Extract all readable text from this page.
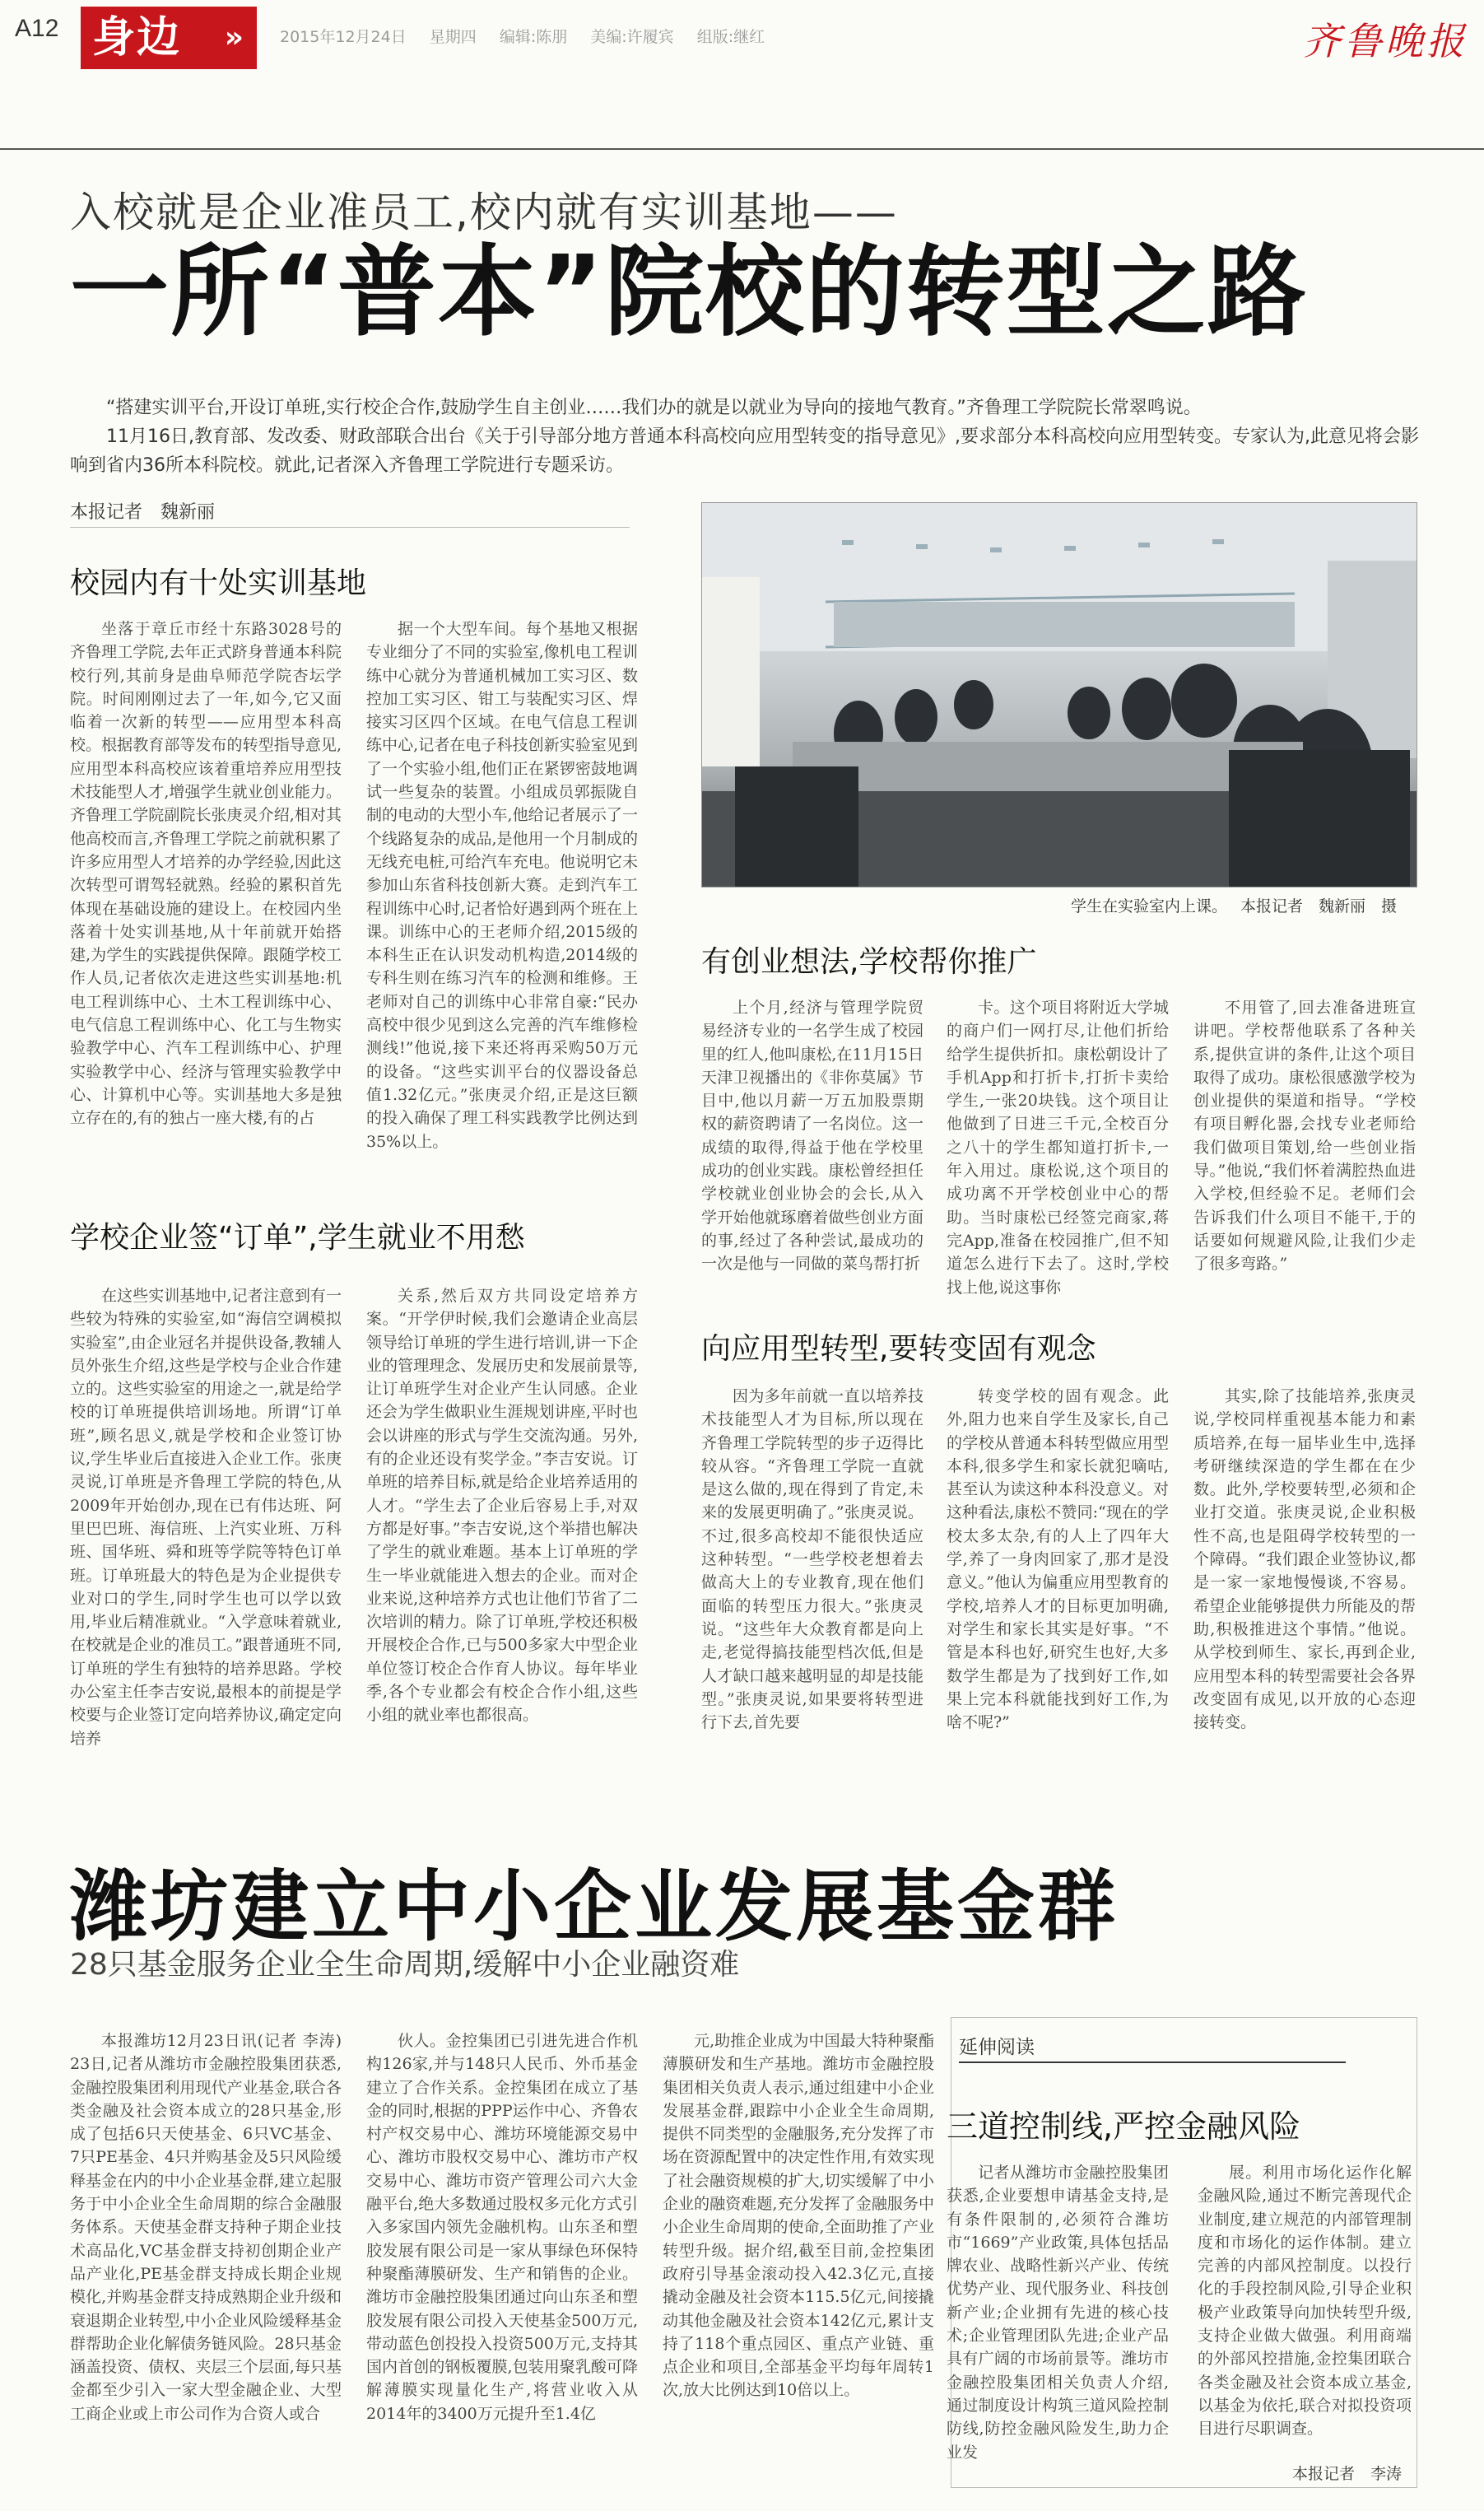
A12 身边 » 2015年12月24日 星期四 编辑:陈朋 美编:许履宾 组版:继红	齐鲁晚报
入校就是企业准员工,校内就有实训基地——
一所“普本”院校的转型之路

“搭建实训平台,开设订单班,实行校企合作,鼓励学生自主创业……我们办的就是以就业为导向的接地气教育。”齐鲁理工学院院长常翠鸣说。

11月16日,教育部、发改委、财政部联合出台《关于引导部分地方普通本科高校向应用型转变的指导意见》,要求部分本科高校向应用型转变。专家认为,此意见将会影响到省内36所本科院校。就此,记者深入齐鲁理工学院进行专题采访。

本报记者　魏新丽
校园内有十处实训基地
坐落于章丘市经十东路3028号的齐鲁理工学院,去年正式跻身普通本科院校行列,其前身是曲阜师范学院杏坛学院。时间刚刚过去了一年,如今,它又面临着一次新的转型——应用型本科高校。根据教育部等发布的转型指导意见,应用型本科高校应该着重培养应用型技术技能型人才,增强学生就业创业能力。齐鲁理工学院副院长张庚灵介绍,相对其他高校而言,齐鲁理工学院之前就积累了许多应用型人才培养的办学经验,因此这次转型可谓驾轻就熟。经验的累积首先体现在基础设施的建设上。在校园内坐落着十处实训基地,从十年前就开始搭建,为学生的实践提供保障。跟随学校工作人员,记者依次走进这些实训基地:机电工程训练中心、土木工程训练中心、电气信息工程训练中心、化工与生物实验教学中心、汽车工程训练中心、护理实验教学中心、经济与管理实验教学中心、计算机中心等。实训基地大多是独立存在的,有的独占一座大楼,有的占
据一个大型车间。每个基地又根据专业细分了不同的实验室,像机电工程训练中心就分为普通机械加工实习区、数控加工实习区、钳工与装配实习区、焊接实习区四个区域。在电气信息工程训练中心,记者在电子科技创新实验室见到了一个实验小组,他们正在紧锣密鼓地调试一些复杂的装置。小组成员郭振陇自制的电动的大型小车,他给记者展示了一个线路复杂的成品,是他用一个月制成的无线充电桩,可给汽车充电。他说明它未参加山东省科技创新大赛。走到汽车工程训练中心时,记者恰好遇到两个班在上课。训练中心的王老师介绍,2015级的本科生正在认识发动机构造,2014级的专科生则在练习汽车的检测和维修。王老师对自己的训练中心非常自豪:“民办高校中很少见到这么完善的汽车维修检测线!”他说,接下来还将再采购50万元的设备。“这些实训平台的仪器设备总值1.32亿元。”张庚灵介绍,正是这巨额的投入确保了理工科实践教学比例达到35%以上。
学校企业签“订单”,学生就业不用愁
在这些实训基地中,记者注意到有一些较为特殊的实验室,如“海信空调模拟实验室”,由企业冠名并提供设备,教辅人员外张生介绍,这些是学校与企业合作建立的。这些实验室的用途之一,就是给学校的订单班提供培训场地。所谓“订单班”,顾名思义,就是学校和企业签订协议,学生毕业后直接进入企业工作。张庚灵说,订单班是齐鲁理工学院的特色,从2009年开始创办,现在已有伟达班、阿里巴巴班、海信班、上汽实业班、万科班、国华班、舜和班等学院等特色订单班。订单班最大的特色是为企业提供专业对口的学生,同时学生也可以学以致用,毕业后精准就业。“入学意味着就业,在校就是企业的准员工。”跟普通班不同,订单班的学生有独特的培养思路。学校办公室主任李吉安说,最根本的前提是学校要与企业签订定向培养协议,确定定向培养
关系,然后双方共同设定培养方案。“开学伊时候,我们会邀请企业高层领导给订单班的学生进行培训,讲一下企业的管理理念、发展历史和发展前景等,让订单班学生对企业产生认同感。企业还会为学生做职业生涯规划讲座,平时也会以讲座的形式与学生交流沟通。另外,有的企业还设有奖学金。”李吉安说。订单班的培养目标,就是给企业培养适用的人才。“学生去了企业后容易上手,对双方都是好事。”李吉安说,这个举措也解决了学生的就业难题。基本上订单班的学生一毕业就能进入想去的企业。而对企业来说,这种培养方式也让他们节省了二次培训的精力。除了订单班,学校还积极开展校企合作,已与500多家大中型企业单位签订校企合作育人协议。每年毕业季,各个专业都会有校企合作小组,这些小组的就业率也都很高。
学生在实验室内上课。 本报记者　魏新丽　摄
有创业想法,学校帮你推广
上个月,经济与管理学院贸易经济专业的一名学生成了校园里的红人,他叫康松,在11月15日天津卫视播出的《非你莫属》节目中,他以月薪一万五加股票期权的薪资聘请了一名岗位。这一成绩的取得,得益于他在学校里成功的创业实践。康松曾经担任学校就业创业协会的会长,从入学开始他就琢磨着做些创业方面的事,经过了各种尝试,最成功的一次是他与一同做的菜鸟帮打折
卡。这个项目将附近大学城的商户们一网打尽,让他们折给给学生提供折扣。康松朝设计了手机App和打折卡,打折卡卖给学生,一张20块钱。这个项目让他做到了日进三千元,全校百分之八十的学生都知道打折卡,一年入用过。康松说,这个项目的成功离不开学校创业中心的帮助。当时康松已经签完商家,蒋完App,准备在校园推广,但不知道怎么进行下去了。这时,学校找上他,说这事你
不用管了,回去准备进班宣讲吧。学校帮他联系了各种关系,提供宣讲的条件,让这个项目取得了成功。康松很感激学校为创业提供的渠道和指导。“学校有项目孵化器,会找专业老师给我们做项目策划,给一些创业指导。”他说,“我们怀着满腔热血进入学校,但经验不足。老师们会告诉我们什么项目不能干,于的话要如何规避风险,让我们少走了很多弯路。”
向应用型转型,要转变固有观念
因为多年前就一直以培养技术技能型人才为目标,所以现在齐鲁理工学院转型的步子迈得比较从容。“齐鲁理工学院一直就是这么做的,现在得到了肯定,未来的发展更明确了。”张庚灵说。不过,很多高校却不能很快适应这种转型。“一些学校老想着去做高大上的专业教育,现在他们面临的转型压力很大。”张庚灵说。“这些年大众教育都是向上走,老觉得搞技能型档次低,但是人才缺口越来越明显的却是技能型。”张庚灵说,如果要将转型进行下去,首先要
转变学校的固有观念。此外,阻力也来自学生及家长,自己的学校从普通本科转型做应用型本科,很多学生和家长就犯嘀咕,甚至认为读这种本科没意义。对这种看法,康松不赞同:“现在的学校太多太杂,有的人上了四年大学,养了一身肉回家了,那才是没意义。”他认为偏重应用型教育的学校,培养人才的目标更加明确,对学生和家长其实是好事。“不管是本科也好,研究生也好,大多数学生都是为了找到好工作,如果上完本科就能找到好工作,为啥不呢?”
其实,除了技能培养,张庚灵说,学校同样重视基本能力和素质培养,在每一届毕业生中,选择考研继续深造的学生都在在少数。此外,学校要转型,必须和企业打交道。张庚灵说,企业积极性不高,也是阻碍学校转型的一个障碍。“我们跟企业签协议,都是一家一家地慢慢谈,不容易。希望企业能够提供力所能及的帮助,积极推进这个事情。”他说。从学校到师生、家长,再到企业,应用型本科的转型需要社会各界改变固有成见,以开放的心态迎接转变。
潍坊建立中小企业发展基金群
28只基金服务企业全生命周期,缓解中小企业融资难
本报潍坊12月23日讯(记者 李涛) 23日,记者从潍坊市金融控股集团获悉,金融控股集团利用现代产业基金,联合各类金融及社会资本成立的28只基金,形成了包括6只天使基金、6只VC基金、7只PE基金、4只并购基金及5只风险缓释基金在内的中小企业基金群,建立起服务于中小企业全生命周期的综合金融服务体系。天使基金群支持种子期企业技术高品化,VC基金群支持初创期企业产品产业化,PE基金群支持成长期企业规模化,并购基金群支持成熟期企业升级和衰退期企业转型,中小企业风险缓释基金群帮助企业化解债务链风险。28只基金涵盖投资、债权、夹层三个层面,每只基金都至少引入一家大型金融企业、大型工商企业或上市公司作为合资人或合
伙人。金控集团已引进先进合作机构126家,并与148只人民币、外币基金建立了合作关系。金控集团在成立了基金的同时,根据的PPP运作中心、齐鲁农村产权交易中心、潍坊环境能源交易中心、潍坊市股权交易中心、潍坊市产权交易中心、潍坊市资产管理公司六大金融平台,绝大多数通过股权多元化方式引入多家国内领先金融机构。山东圣和塑胶发展有限公司是一家从事绿色环保特种聚酯薄膜研发、生产和销售的企业。潍坊市金融控股集团通过向山东圣和塑胶发展有限公司投入天使基金500万元,带动蓝色创投投入投资500万元,支持其国内首创的钢板覆膜,包装用聚乳酸可降解薄膜实现量化生产,将营业收入从2014年的3400万元提升至1.4亿
元,助推企业成为中国最大特种聚酯薄膜研发和生产基地。潍坊市金融控股集团相关负责人表示,通过组建中小企业发展基金群,跟踪中小企业全生命周期,提供不同类型的金融服务,充分发挥了市场在资源配置中的决定性作用,有效实现了社会融资规模的扩大,切实缓解了中小企业的融资难题,充分发挥了金融服务中小企业生命周期的使命,全面助推了产业转型升级。据介绍,截至目前,金控集团政府引导基金滚动投入42.3亿元,直接撬动金融及社会资本115.5亿元,间接撬动其他金融及社会资本142亿元,累计支持了118个重点园区、重点产业链、重点企业和项目,全部基金平均每年周转1次,放大比例达到10倍以上。
延伸阅读
三道控制线,严控金融风险
记者从潍坊市金融控股集团获悉,企业要想申请基金支持,是有条件限制的,必须符合潍坊市“1669”产业政策,具体包括品牌农业、战略性新兴产业、传统优势产业、现代服务业、科技创新产业;企业拥有先进的核心技术;企业管理团队先进;企业产品具有广阔的市场前景等。潍坊市金融控股集团相关负责人介绍,通过制度设计构筑三道风险控制防线,防控金融风险发生,助力企业发
展。利用市场化运作化解金融风险,通过不断完善现代企业制度,建立规范的内部管理制度和市场化的运作体制。建立完善的内部风控制度。以投行化的手段控制风险,引导企业积极产业政策导向加快转型升级,支持企业做大做强。利用商端的外部风控措施,金控集团联合各类金融及社会资本成立基金,以基金为依托,联合对拟投资项目进行尽职调查。
本报记者　李涛
